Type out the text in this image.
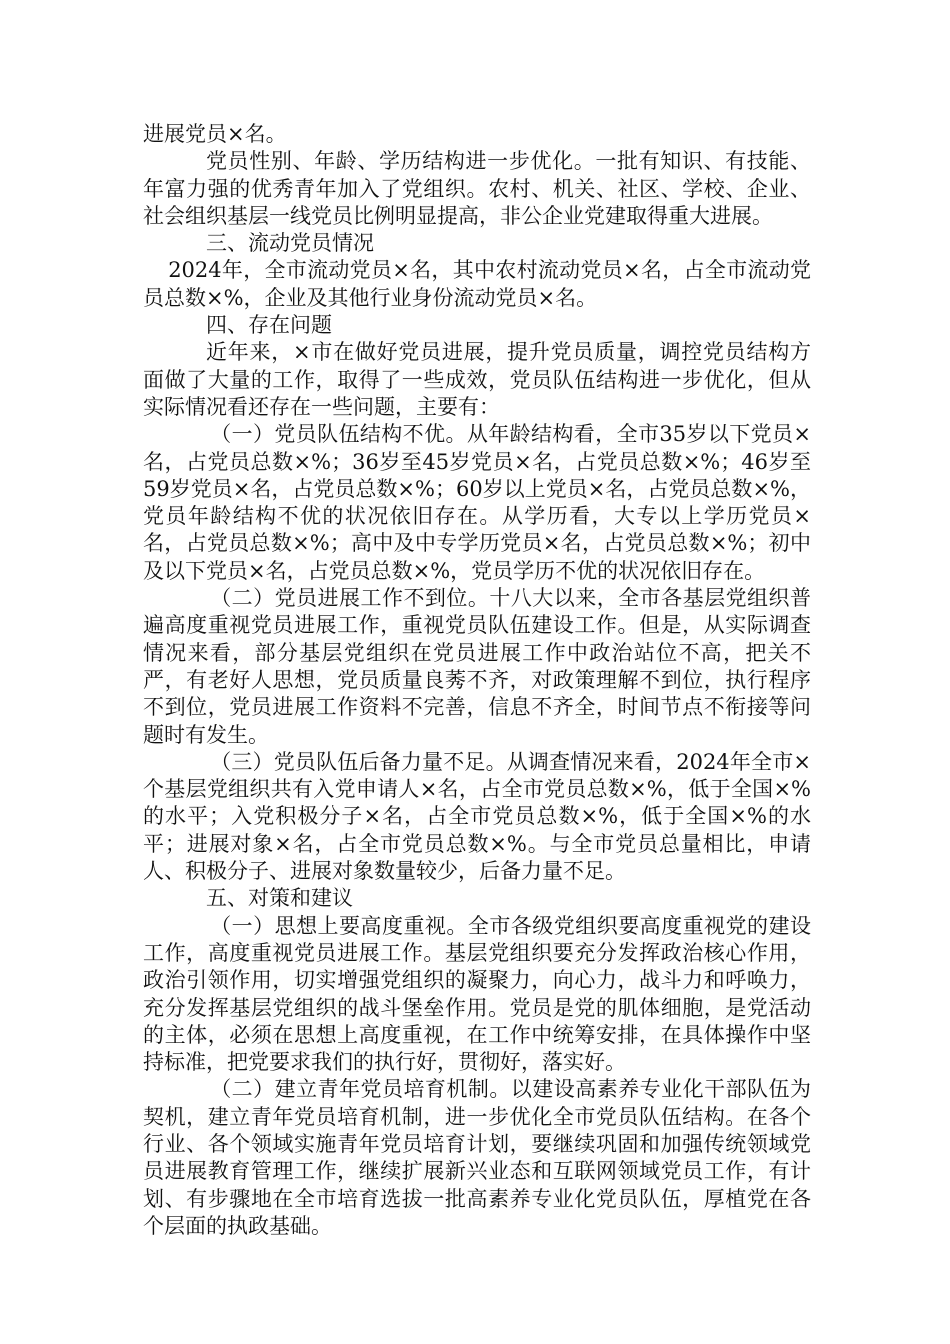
进展党员×名。

党员性别、年龄、学历结构进一步优化。一批有知识、有技能、年富力强的优秀青年加入了党组织。农村、机关、社区、学校、企业、社会组织基层一线党员比例明显提高，非公企业党建取得重大进展。

三、流动党员情况

2024年，全市流动党员×名，其中农村流动党员×名，占全市流动党员总数×%，企业及其他行业身份流动党员×名。

四、存在问题

近年来，×市在做好党员进展，提升党员质量，调控党员结构方面做了大量的工作，取得了一些成效，党员队伍结构进一步优化，但从实际情况看还存在一些问题，主要有：

（一）党员队伍结构不优。从年龄结构看，全市35岁以下党员×名，占党员总数×%；36岁至45岁党员×名，占党员总数×%；46岁至59岁党员×名，占党员总数×%；60岁以上党员×名，占党员总数×%，党员年龄结构不优的状况依旧存在。从学历看，大专以上学历党员×名，占党员总数×%；高中及中专学历党员×名，占党员总数×%；初中及以下党员×名，占党员总数×%，党员学历不优的状况依旧存在。

（二）党员进展工作不到位。十八大以来，全市各基层党组织普遍高度重视党员进展工作，重视党员队伍建设工作。但是，从实际调查情况来看，部分基层党组织在党员进展工作中政治站位不高，把关不严，有老好人思想，党员质量良莠不齐，对政策理解不到位，执行程序不到位，党员进展工作资料不完善，信息不齐全，时间节点不衔接等问题时有发生。

（三）党员队伍后备力量不足。从调查情况来看，2024年全市×个基层党组织共有入党申请人×名，占全市党员总数×%，低于全国×%的水平；入党积极分子×名，占全市党员总数×%，低于全国×%的水平；进展对象×名，占全市党员总数×%。与全市党员总量相比，申请人、积极分子、进展对象数量较少，后备力量不足。

五、对策和建议

（一）思想上要高度重视。全市各级党组织要高度重视党的建设工作，高度重视党员进展工作。基层党组织要充分发挥政治核心作用，政治引领作用，切实增强党组织的凝聚力，向心力，战斗力和呼唤力，充分发挥基层党组织的战斗堡垒作用。党员是党的肌体细胞，是党活动的主体，必须在思想上高度重视，在工作中统筹安排，在具体操作中坚持标准，把党要求我们的执行好，贯彻好，落实好。

（二）建立青年党员培育机制。以建设高素养专业化干部队伍为契机，建立青年党员培育机制，进一步优化全市党员队伍结构。在各个行业、各个领域实施青年党员培育计划，要继续巩固和加强传统领域党员进展教育管理工作，继续扩展新兴业态和互联网领域党员工作，有计划、有步骤地在全市培育选拔一批高素养专业化党员队伍，厚植党在各个层面的执政基础。
